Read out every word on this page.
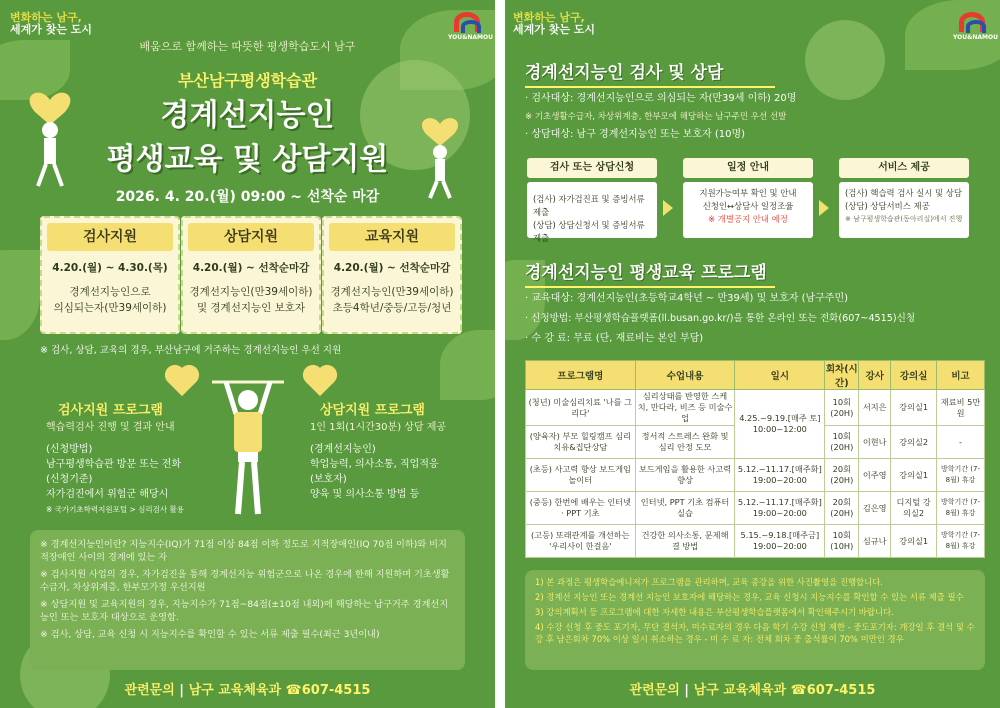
변화하는 남구,
세계가 찾는 도시
YOU&NAMOU
배움으로 함께하는 따뜻한 평생학습도시 남구
부산남구평생학습관
경계선지능인
평생교육 및 상담지원
2026. 4. 20.(월) 09:00 ~ 선착순 마감
검사지원
4.20.(월) ~ 4.30.(목)
경계선지능인으로
의심되는자(만39세이하)
상담지원
4.20.(월) ~ 선착순마감
경계선지능인(만39세이하)
및 경계선지능인 보호자
교육지원
4.20.(월) ~ 선착순마감
경계선지능인(만39세이하)
초등4학년/중등/고등/청년
※ 검사, 상담, 교육의 경우, 부산남구에 거주하는 경계선지능인 우선 지원
검사지원 프로그램
핵습력검사 진행 및 결과 안내
(신청방법)
남구평생학습관 방문 또는 전화
(신청기준)
자가검진에서 위험군 해당시
※ 국가기초학력지원포털 > 심리검사 활용
상담지원 프로그램
1인 1회(1시간30분) 상담 제공
(경계선지능인)
학업능력, 의사소통, 직업적응
(보호자)
양육 및 의사소통 방법 등

※ 경계선지능인이란? 지능지수(IQ)가 71점 이상 84점 이하 정도로 지적장애인(IQ 70점 이하)와 비지적장애인 사이의 경계에 있는 자

※ 검사지원 사업의 경우, 자가검진을 통해 경계선지능 위험군으로 나온 경우에 한해 지원하며 기초생활수급자, 차상위계층, 한부모가정 우선지원

※ 상담지원 및 교육지원의 경우, 지능지수가 71점~84점(±10점 내외)에 해당하는 남구거주 경계선지능인 또는 보호자 대상으로 운영함.

※ 검사, 상담, 교육 신청 시 지능지수를 확인할 수 있는 서류 제출 필수(최근 3년이내)

관련문의 | 남구 교육체육과 ☎607-4515
변화하는 남구,
세계가 찾는 도시
YOU&NAMOU
경계선지능인 검사 및 상담
· 검사대상: 경계선지능인으로 의심되는 자(만39세 이하) 20명
※ 기초생활수급자, 차상위계층, 한부모에 해당하는 남구주민 우선 선발
· 상담대상: 남구 경계선지능인 또는 보호자 (10명)
검사 또는 상담신청
(검사) 자가검진표 및 증빙서류 제출
(상담) 상담신청서 및 증빙서류 제출
일정 안내
지원가능여부 확인 및 안내
신청인↔상담사 일정조율
※ 개별공지 안내 예정
서비스 제공
(검사) 핵습력 검사 실시 및 상담
(상담) 상담서비스 제공
※ 남구평생학습관(동아리실)에서 진행
경계선지능인 평생교육 프로그램
· 교육대상: 경계선지능인(초등학교4학년 ~ 만39세) 및 보호자 (남구주민)
· 신청방법: 부산평생학습플랫폼(ll.busan.go.kr/)을 통한 온라인 또는 전화(607~4515)신청
· 수 강 료: 무료 (단, 재료비는 본인 부담)
프로그램명	수업내용	일시	회차(시간)	강사	강의실	비고
(청년) 미술심리치료 '나를 그리다'	심리상태를 반영한 스케치, 만다라, 비즈 등 미술수업	4.25.~9.19.[매주 토] 10:00~12:00	10회 (20H)	서지은	강의실1	재료비 5만원
(양육자) 부모 힐링캠프 심리치유&집단상담	정서적 스트레스 완화 및 심리 안정 도모		10회 (20H)	이현나	강의실2	-
(초등) 사고력 향상 보드게임 놀이터	보드게임을 활용한 사고력 향상	5.12.~11.17.[매주화] 19:00~20:00	20회 (20H)	이주영	강의실1	방학기간 (7-8월) 휴강
(중등) 한번에 배우는 인터넷 · PPT 기초	인터넷, PPT 기초 컴퓨터 실습	5.12.~11.17.[매주화] 19:00~20:00	20회 (20H)	김은영	디지털 강의실2	방학기간 (7-8월) 휴강
(고등) 또래관계를 개선하는 '우리사이 한걸음'	건강한 의사소통, 문제해결 방법	5.15.~9.18.[매주금] 19:00~20:00	10회 (10H)	심규나	강의실1	방학기간 (7-8월) 휴강

1) 본 과정은 평생학습에니저가 프로그램을 관리하며, 교육 종강을 위한 사진촬영을 진행합니다.

2) 경계선 지능인 또는 경계선 지능인 보호자에 해당하는 경우, 교육 신청시 지능지수를 확인할 수 있는 서류 제출 필수

3) 강의계획서 등 프로그램에 대한 자세한 내용은 부산평생학습플랫폼에서 확인해주시기 바랍니다.

4) 수강 신청 후 중도 포기자, 무단 결석자, 미수료자의 경우 다음 학기 수강 신청 제한 - 중도포기자: 개강일 후 결석 및 수강 후 남은회차 70% 이상 일시 취소하는 경우 - 미 수 료 자: 전체 회차 중 출석률이 70% 미만인 경우

관련문의 | 남구 교육체육과 ☎607-4515
